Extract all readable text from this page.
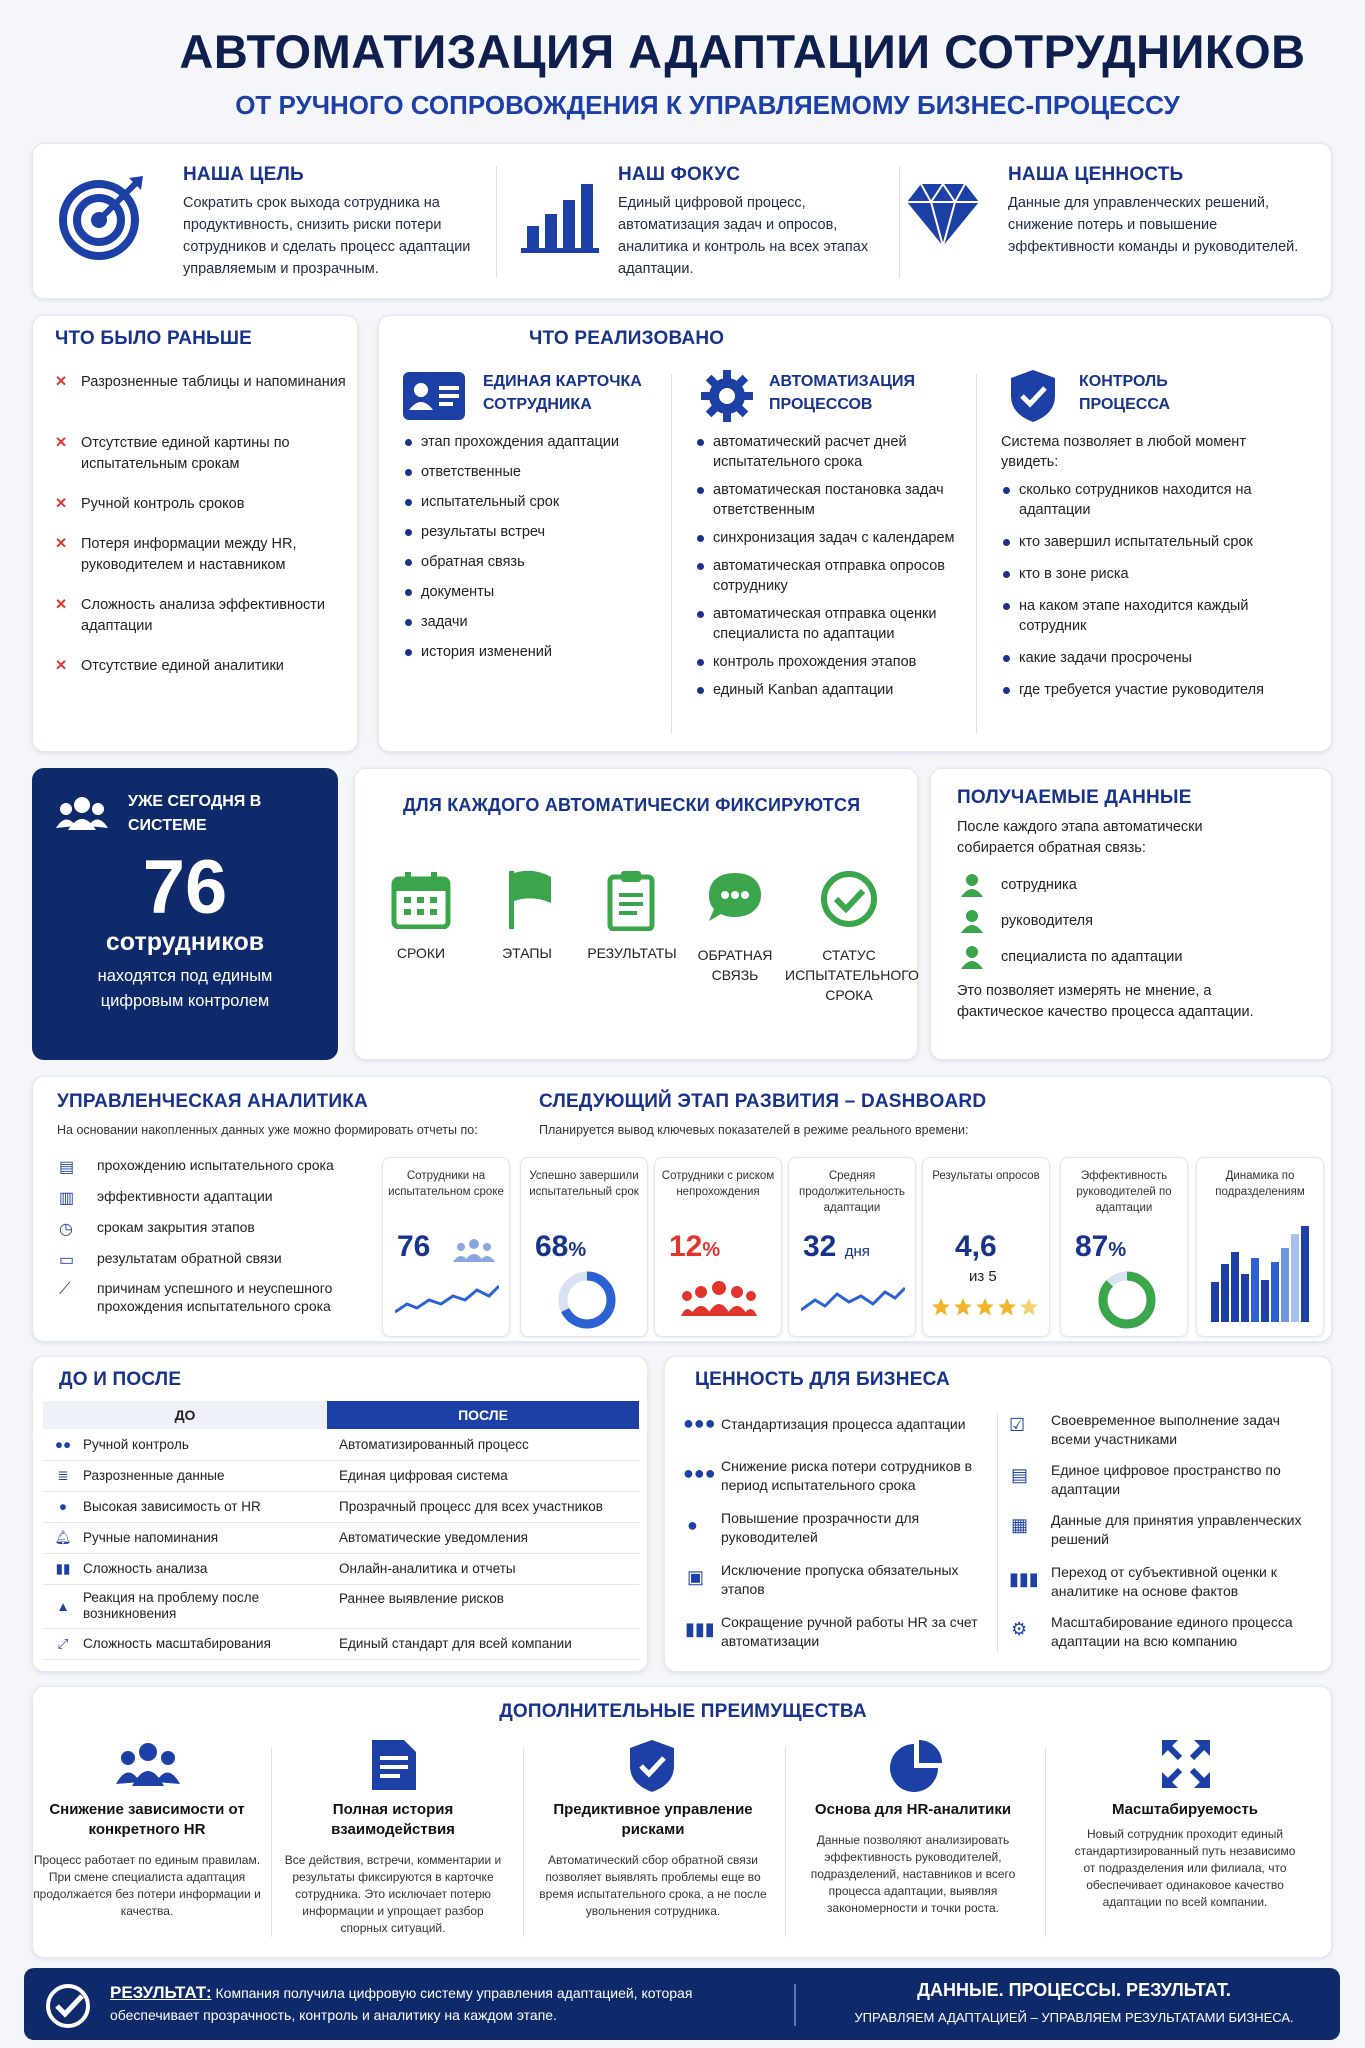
АВТОМАТИЗАЦИЯ АДАПТАЦИИ СОТРУДНИКОВ
ОТ РУЧНОГО СОПРОВОЖДЕНИЯ К УПРАВЛЯЕМОМУ БИЗНЕС-ПРОЦЕССУ
НАША ЦЕЛЬ
Сократить срок выхода сотрудника на продуктивность, снизить риски потери сотрудников и сделать процесс адаптации управляемым и прозрачным.
НАШ ФОКУС
Единый цифровой процесс, автоматизация задач и опросов, аналитика и контроль на всех этапах адаптации.
НАША ЦЕННОСТЬ
Данные для управленческих решений, снижение потерь и повышение эффективности команды и руководителей.
ЧТО БЫЛО РАНЬШЕ
✕ Разрозненные таблицы и напоминания
✕ Отсутствие единой картины по испытательным срокам
✕ Ручной контроль сроков
✕ Потеря информации между HR, руководителем и наставником
✕ Сложность анализа эффективности адаптации
✕ Отсутствие единой аналитики
ЧТО РЕАЛИЗОВАНО
ЕДИНАЯ КАРТОЧКА СОТРУДНИКА
этап прохождения адаптации
ответственные
испытательный срок
результаты встреч
обратная связь
документы
задачи
история изменений
АВТОМАТИЗАЦИЯ ПРОЦЕССОВ
автоматический расчет дней испытательного срока
автоматическая постановка задач ответственным
синхронизация задач с календарем
автоматическая отправка опросов сотруднику
автоматическая отправка оценки специалиста по адаптации
контроль прохождения этапов
единый Kanban адаптации
КОНТРОЛЬ ПРОЦЕССА
Система позволяет в любой момент увидеть:
сколько сотрудников находится на адаптации
кто завершил испытательный срок
кто в зоне риска
на каком этапе находится каждый сотрудник
какие задачи просрочены
где требуется участие руководителя
УЖЕ СЕГОДНЯ В СИСТЕМЕ
76
сотрудников
находятся под единым цифровым контролем
ДЛЯ КАЖДОГО АВТОМАТИЧЕСКИ ФИКСИРУЮТСЯ
СРОКИ	ЭТАПЫ	РЕЗУЛЬТАТЫ	ОБРАТНАЯ СВЯЗЬ
СТАТУС ИСПЫТАТЕЛЬНОГО СРОКА
ПОЛУЧАЕМЫЕ ДАННЫЕ
После каждого этапа автоматически собирается обратная связь:
сотрудника
руководителя
специалиста по адаптации
Это позволяет измерять не мнение, а фактическое качество процесса адаптации.
УПРАВЛЕНЧЕСКАЯ АНАЛИТИКА
На основании накопленных данных уже можно формировать отчеты по:
▤ прохождению испытательного срока
▥ эффективности адаптации
◷ срокам закрытия этапов
▭ результатам обратной связи
⟋ причинам успешного и неуспешного прохождения испытательного срока
СЛЕДУЮЩИЙ ЭТАП РАЗВИТИЯ – DASHBOARD
Планируется вывод ключевых показателей в режиме реального времени:
Сотрудники на испытательном сроке
76
Успешно завершили испытательный срок
68%
Сотрудники с риском непрохождения
12%
Средняя продолжительность адаптации
32 дня
Результаты опросов
4,6
из 5
Эффективность руководителей по адаптации
87%
Динамика по подразделениям
ДО И ПОСЛЕ
ДО	ПОСЛЕ
●●	Ручной контроль	Автоматизированный процесс
≣	Разрозненные данные	Единая цифровая система
●	Высокая зависимость от HR	Прозрачный процесс для всех участников
🔔︎	Ручные напоминания	Автоматические уведомления
▮▮	Сложность анализа	Онлайн-аналитика и отчеты
▲	Реакция на проблему после возникновения	Раннее выявление рисков
⤢	Сложность масштабирования	Единый стандарт для всей компании
ЦЕННОСТЬ ДЛЯ БИЗНЕСА
●●● Стандартизация процесса адаптации
●●● Снижение риска потери сотрудников в период испытательного срока
● Повышение прозрачности для руководителей
▣ Исключение пропуска обязательных этапов
▮▮▮ Сокращение ручной работы HR за счет автоматизации
☑ Своевременное выполнение задач всеми участниками
▤ Единое цифровое пространство по адаптации
▦ Данные для принятия управленческих решений
▮▮▮ Переход от субъективной оценки к аналитике на основе фактов
⚙ Масштабирование единого процесса адаптации на всю компанию
ДОПОЛНИТЕЛЬНЫЕ ПРЕИМУЩЕСТВА
Снижение зависимости от конкретного HR
Процесс работает по единым правилам. При смене специалиста адаптация продолжается без потери информации и качества.
Полная история взаимодействия
Все действия, встречи, комментарии и результаты фиксируются в карточке сотрудника. Это исключает потерю информации и упрощает разбор спорных ситуаций.
Предиктивное управление рисками
Автоматический сбор обратной связи позволяет выявлять проблемы еще во время испытательного срока, а не после увольнения сотрудника.
Основа для HR-аналитики
Данные позволяют анализировать эффективность руководителей, подразделений, наставников и всего процесса адаптации, выявляя закономерности и точки роста.
Масштабируемость
Новый сотрудник проходит единый стандартизированный путь независимо от подразделения или филиала, что обеспечивает одинаковое качество адаптации по всей компании.
РЕЗУЛЬТАТ: Компания получила цифровую систему управления адаптацией, которая обеспечивает прозрачность, контроль и аналитику на каждом этапе.
ДАННЫЕ. ПРОЦЕССЫ. РЕЗУЛЬТАТ.
УПРАВЛЯЕМ АДАПТАЦИЕЙ – УПРАВЛЯЕМ РЕЗУЛЬТАТАМИ БИЗНЕСА.
